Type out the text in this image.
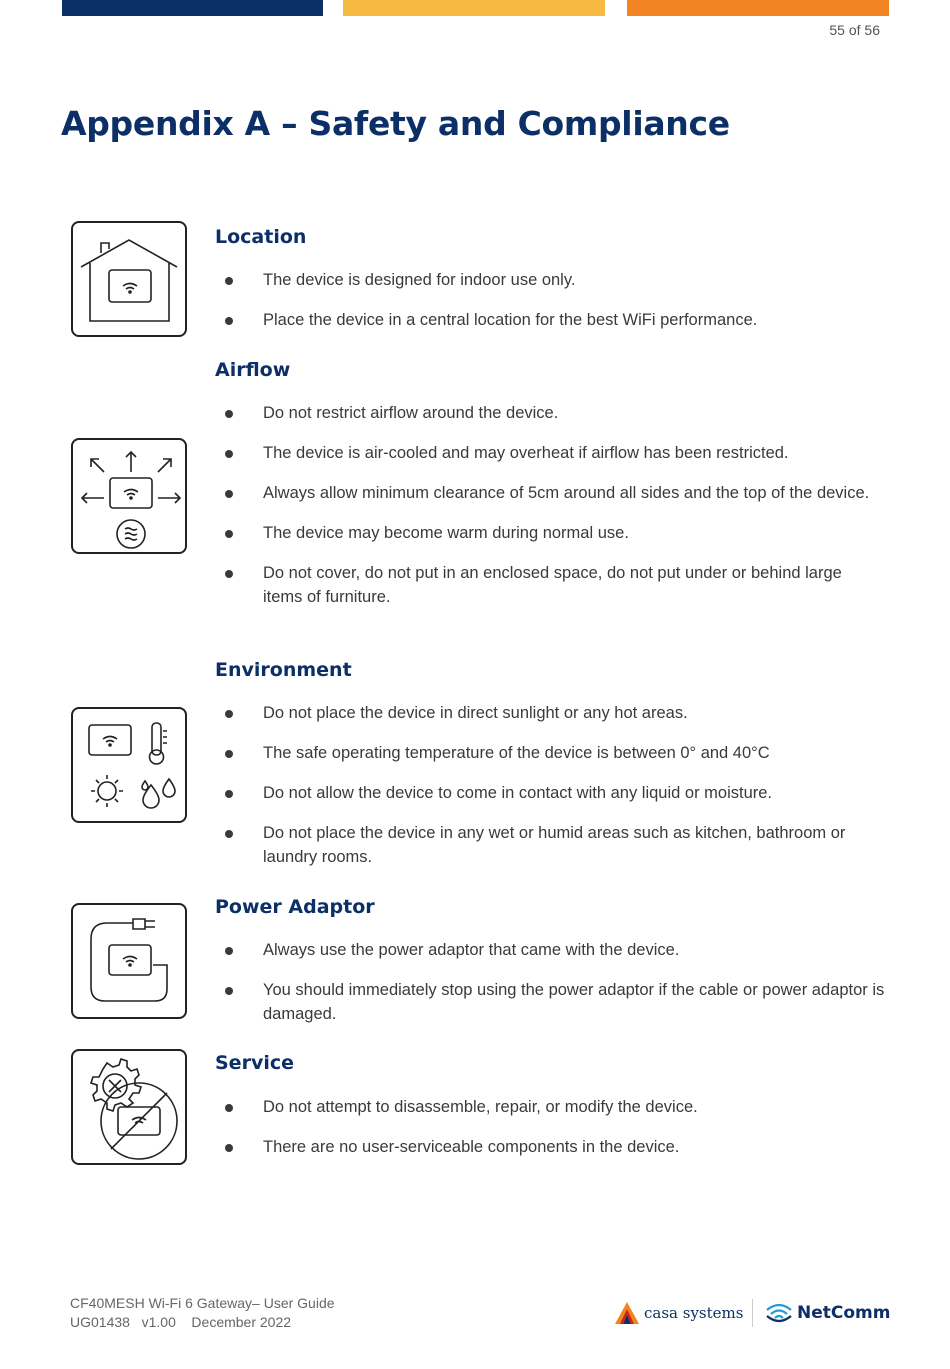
55 of 56
Appendix A – Safety and Compliance
Location
Airflow
Environment
Power Adaptor
Service
The device is designed for indoor use only.
Place the device in a central location for the best WiFi performance.
Do not restrict airflow around the device.
The device is air-cooled and may overheat if airflow has been restricted.
Always allow minimum clearance of 5cm around all sides and the top of the device.
The device may become warm during normal use.
Do not cover, do not put in an enclosed space, do not put under or behind large items of furniture.
Do not place the device in direct sunlight or any hot areas.
The safe operating temperature of the device is between 0° and 40°C
Do not allow the device to come in contact with any liquid or moisture.
Do not place the device in any wet or humid areas such as kitchen, bathroom or laundry rooms.
Always use the power adaptor that came with the device.
You should immediately stop using the power adaptor if the cable or power adaptor is damaged.
Do not attempt to disassemble, repair, or modify the device.
There are no user-serviceable components in the device.
CF40MESH Wi-Fi 6 Gateway– User Guide
UG01438 v1.00 December 2022	casa systems	NetComm
